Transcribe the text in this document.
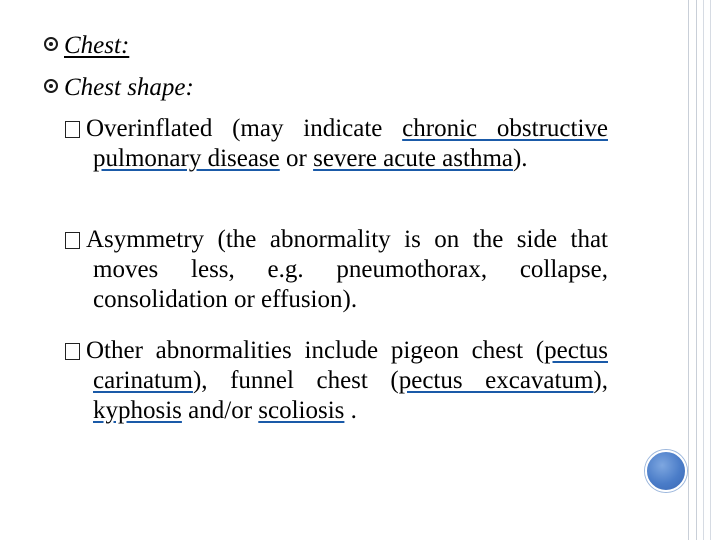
Chest:
Chest shape:
Overinflated (may indicate chronic obstructive pulmonary disease or severe acute asthma).
Asymmetry (the abnormality is on the side that moves less, e.g. pneumothorax, collapse, consolidation or effusion).
Other abnormalities include pigeon chest (pectus carinatum), funnel chest (pectus excavatum), kyphosis and/or scoliosis .
